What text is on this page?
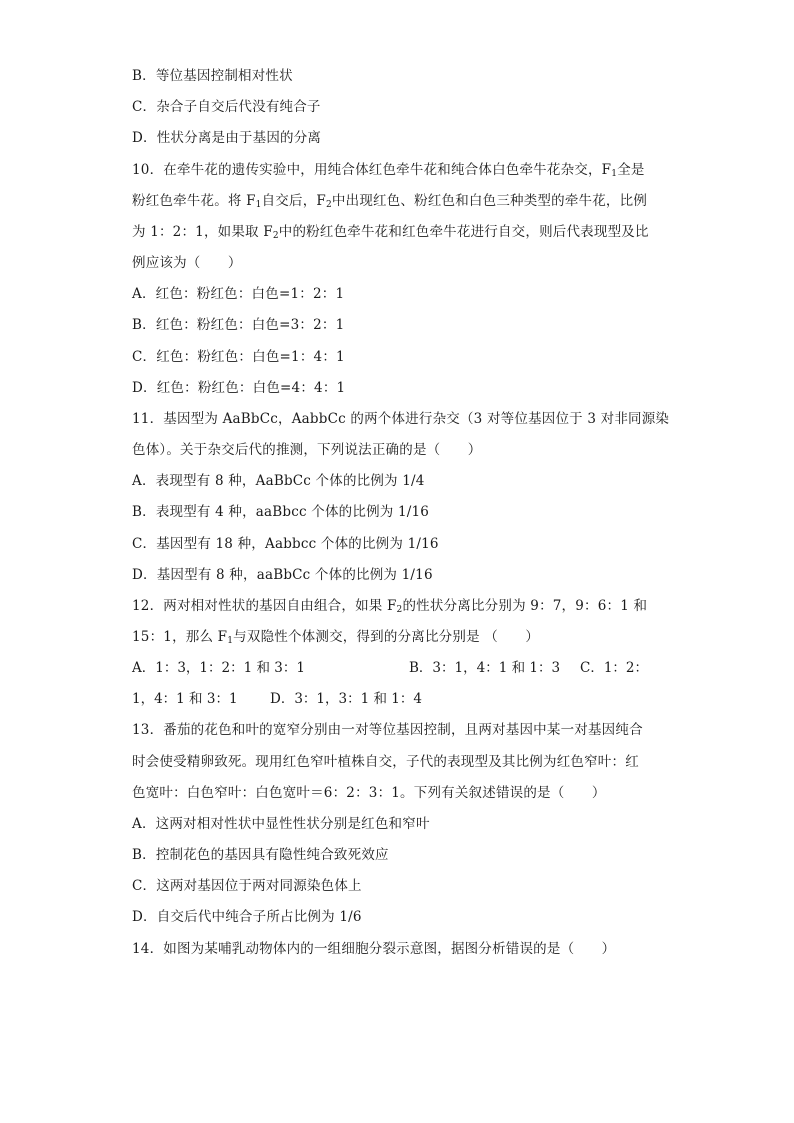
B．等位基因控制相对性状
C．杂合子自交后代没有纯合子
D．性状分离是由于基因的分离
10．在牵牛花的遗传实验中，用纯合体红色牵牛花和纯合体白色牵牛花杂交，$F_1$全是
粉红色牵牛花。将 $F_1$自交后，$F_2$中出现红色、粉红色和白色三种类型的牵牛花，比例
为 1：2：1，如果取 $F_2$中的粉红色牵牛花和红色牵牛花进行自交，则后代表现型及比
例应该为（　　）
A．红色：粉红色：白色=1：2：1
B．红色：粉红色：白色=3：2：1
C．红色：粉红色：白色=1：4：1
D．红色：粉红色：白色=4：4：1
11．基因型为 AaBbCc，AabbCc 的两个体进行杂交（3 对等位基因位于 3 对非同源染
色体）。关于杂交后代的推测，下列说法正确的是（　　）
A．表现型有 8 种，AaBbCc 个体的比例为 1/4
B．表现型有 4 种，aaBbcc 个体的比例为 1/16
C．基因型有 18 种，Aabbcc 个体的比例为 1/16
D．基因型有 8 种，aaBbCc 个体的比例为 1/16
12．两对相对性状的基因自由组合，如果 $F_2$的性状分离比分别为 9：7，9：6：1 和
15：1，那么 $F_1$与双隐性个体测交，得到的分离比分别是 （　　）
A．1：3，1：2：1 和 3：1	B．3：1，4：1 和 1：3 C．1：2：
1，4：1 和 3：1 D．3：1，3：1 和 1：4
13．番茄的花色和叶的宽窄分别由一对等位基因控制，且两对基因中某一对基因纯合
时会使受精卵致死。现用红色窄叶植株自交，子代的表现型及其比例为红色窄叶：红
色宽叶：白色窄叶：白色宽叶＝6：2：3：1。下列有关叙述错误的是（　　）
A．这两对相对性状中显性性状分别是红色和窄叶
B．控制花色的基因具有隐性纯合致死效应
C．这两对基因位于两对同源染色体上
D．自交后代中纯合子所占比例为 1/6
14．如图为某哺乳动物体内的一组细胞分裂示意图，据图分析错误的是（　　）
